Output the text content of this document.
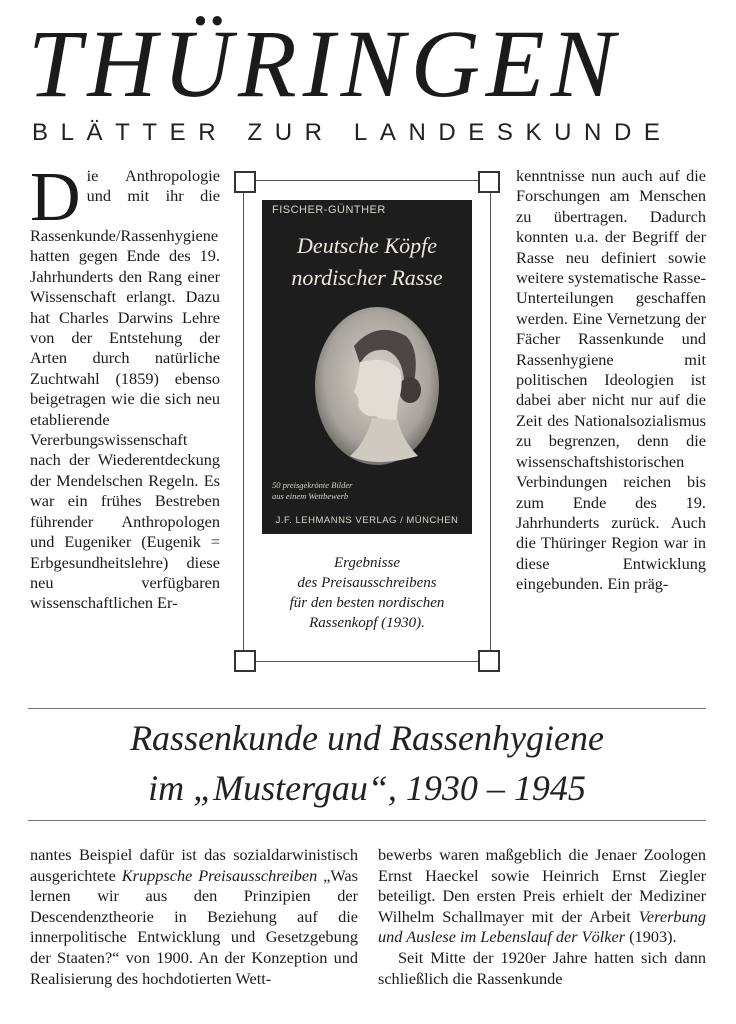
THÜRINGEN
BLÄTTER ZUR LANDESKUNDE
Die Anthropologie und mit ihr die Rassenkunde/Rassenhygiene hatten gegen Ende des 19. Jahrhunderts den Rang einer Wissenschaft erlangt. Dazu hat Charles Darwins Lehre von der Entstehung der Arten durch natürliche Zuchtwahl (1859) ebenso beigetragen wie die sich neu etablierende Vererbungswissenschaft nach der Wiederentdeckung der Mendelschen Regeln. Es war ein frühes Bestreben führender Anthropologen und Eugeniker (Eugenik = Erbgesundheitslehre) diese neu verfügbaren wissenschaftlichen Er-
FISCHER-GÜNTHER
Deutsche Köpfe
nordischer Rasse
50 preisgekrönte Bilder
aus einem Wettbewerb
J.F. LEHMANNS VERLAG / MÜNCHEN
Ergebnisse
des Preisausschreibens
für den besten nordischen
Rassenkopf (1930).
kenntnisse nun auch auf die Forschungen am Menschen zu übertragen. Dadurch konnten u.a. der Begriff der Rasse neu definiert sowie weitere systematische Rasse-Unterteilungen geschaffen werden. Eine Vernetzung der Fächer Rassenkunde und Rassenhygiene mit politischen Ideologien ist dabei aber nicht nur auf die Zeit des Nationalsozialismus zu begrenzen, denn die wissenschaftshistorischen Verbindungen reichen bis zum Ende des 19. Jahrhunderts zurück. Auch die Thüringer Region war in diese Entwicklung eingebunden. Ein präg-
Rassenkunde und Rassenhygiene
im „Mustergau“, 1930 – 1945
nantes Beispiel dafür ist das sozialdarwinistisch ausgerichtete Kruppsche Preisausschreiben „Was lernen wir aus den Prinzipien der Descendenztheorie in Beziehung auf die innerpolitische Entwicklung und Gesetzgebung der Staaten?“ von 1900. An der Konzeption und Realisierung des hochdotierten Wett-

bewerbs waren maßgeblich die Jenaer Zoologen Ernst Haeckel sowie Heinrich Ernst Ziegler beteiligt. Den ersten Preis erhielt der Mediziner Wilhelm Schallmayer mit der Arbeit Vererbung und Auslese im Lebenslauf der Völker (1903).

Seit Mitte der 1920er Jahre hatten sich dann schließlich die Rassenkunde
